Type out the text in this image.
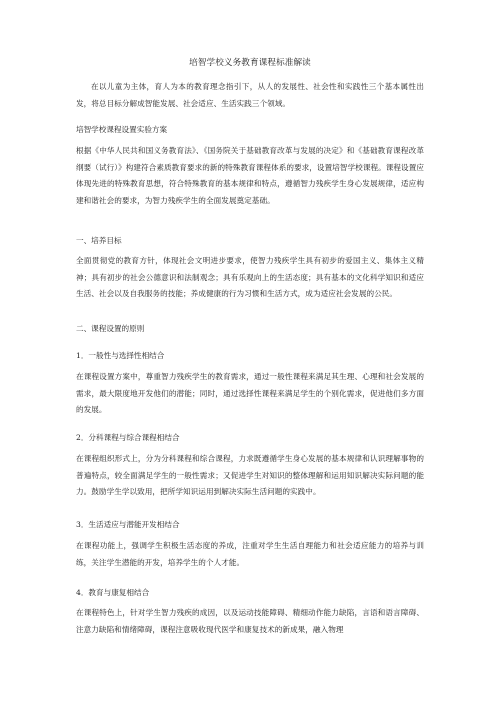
培智学校义务教育课程标准解读
在以儿童为主体，育人为本的教育理念指引下，从人的发展性、社会性和实践性三个基本属性出发，将总目标分解成智能发展、社会适应、生活实践三个领域。
培智学校课程设置实验方案
根据《中华人民共和国义务教育法》、《国务院关于基础教育改革与发展的决定》和《基础教育课程改革纲要（试行）》构建符合素质教育要求的新的特殊教育课程体系的要求，设置培智学校课程。课程设置应体现先进的特殊教育思想，符合特殊教育的基本规律和特点，遵循智力残疾学生身心发展规律，适应构建和谐社会的要求，为智力残疾学生的全面发展奠定基础。
一、培养目标
全面贯彻党的教育方针，体现社会文明进步要求，使智力残疾学生具有初步的爱国主义、集体主义精神；具有初步的社会公德意识和法制观念；具有乐观向上的生活态度；具有基本的文化科学知识和适应生活、社会以及自我服务的技能；养成健康的行为习惯和生活方式，成为适应社会发展的公民。
二、课程设置的原则
1．一般性与选择性相结合
在课程设置方案中，尊重智力残疾学生的教育需求，通过一般性课程来满足其生理、心理和社会发展的需求，最大限度地开发他们的潜能；同时，通过选择性课程来满足学生的个别化需求，促进他们多方面的发展。
2．分科课程与综合课程相结合
在课程组织形式上，分为分科课程和综合课程，力求既遵循学生身心发展的基本规律和认识理解事物的普遍特点，较全面满足学生的一般性需求；又促进学生对知识的整体理解和运用知识解决实际问题的能力。鼓励学生学以致用，把所学知识运用到解决实际生活问题的实践中。
3．生活适应与潜能开发相结合
在课程功能上，强调学生积极生活态度的养成，注重对学生生活自理能力和社会适应能力的培养与训练，关注学生潜能的开发，培养学生的个人才能。
4．教育与康复相结合
在课程特色上，针对学生智力残疾的成因，以及运动技能障碍、精细动作能力缺陷，言语和语言障碍、注意力缺陷和情绪障碍，课程注意吸收现代医学和康复技术的新成果，融入物理
